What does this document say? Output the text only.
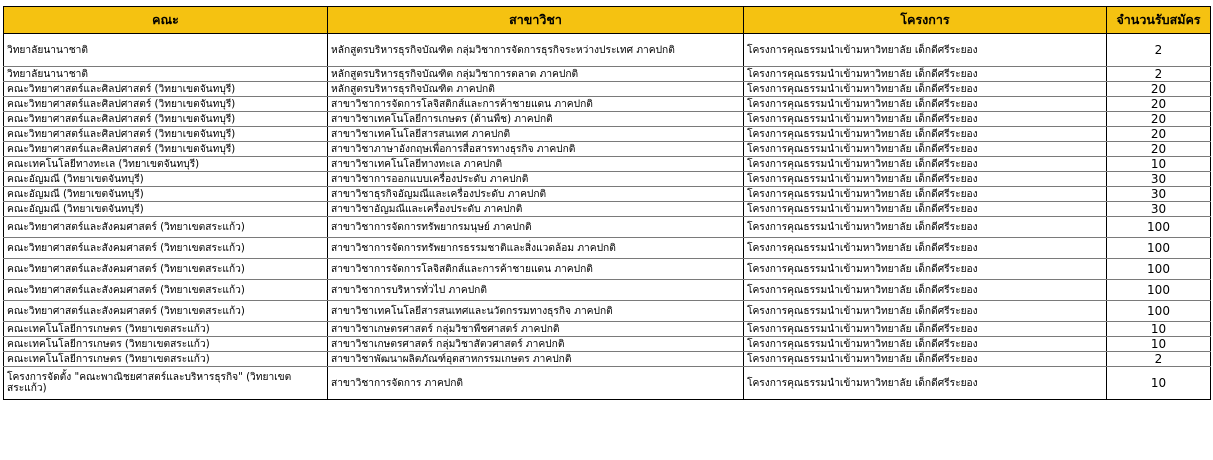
คณะ	สาขาวิชา	โครงการ	จำนวนรับสมัคร
วิทยาลัยนานาชาติ	หลักสูตรบริหารธุรกิจบัณฑิต กลุ่มวิชาการจัดการธุรกิจระหว่างประเทศ ภาคปกติ	โครงการคุณธรรมนำเข้ามหาวิทยาลัย เด็กดีศรีระยอง	2
วิทยาลัยนานาชาติ	หลักสูตรบริหารธุรกิจบัณฑิต กลุ่มวิชาการตลาด ภาคปกติ	โครงการคุณธรรมนำเข้ามหาวิทยาลัย เด็กดีศรีระยอง	2
คณะวิทยาศาสตร์และศิลปศาสตร์ (วิทยาเขตจันทบุรี)	หลักสูตรบริหารธุรกิจบัณฑิต ภาคปกติ	โครงการคุณธรรมนำเข้ามหาวิทยาลัย เด็กดีศรีระยอง	20
คณะวิทยาศาสตร์และศิลปศาสตร์ (วิทยาเขตจันทบุรี)	สาขาวิชาการจัดการโลจิสติกส์และการค้าชายแดน ภาคปกติ	โครงการคุณธรรมนำเข้ามหาวิทยาลัย เด็กดีศรีระยอง	20
คณะวิทยาศาสตร์และศิลปศาสตร์ (วิทยาเขตจันทบุรี)	สาขาวิชาเทคโนโลยีการเกษตร (ด้านพืช) ภาคปกติ	โครงการคุณธรรมนำเข้ามหาวิทยาลัย เด็กดีศรีระยอง	20
คณะวิทยาศาสตร์และศิลปศาสตร์ (วิทยาเขตจันทบุรี)	สาขาวิชาเทคโนโลยีสารสนเทศ ภาคปกติ	โครงการคุณธรรมนำเข้ามหาวิทยาลัย เด็กดีศรีระยอง	20
คณะวิทยาศาสตร์และศิลปศาสตร์ (วิทยาเขตจันทบุรี)	สาขาวิชาภาษาอังกฤษเพื่อการสื่อสารทางธุรกิจ ภาคปกติ	โครงการคุณธรรมนำเข้ามหาวิทยาลัย เด็กดีศรีระยอง	20
คณะเทคโนโลยีทางทะเล (วิทยาเขตจันทบุรี)	สาขาวิชาเทคโนโลยีทางทะเล ภาคปกติ	โครงการคุณธรรมนำเข้ามหาวิทยาลัย เด็กดีศรีระยอง	10
คณะอัญมณี (วิทยาเขตจันทบุรี)	สาขาวิชาการออกแบบเครื่องประดับ ภาคปกติ	โครงการคุณธรรมนำเข้ามหาวิทยาลัย เด็กดีศรีระยอง	30
คณะอัญมณี (วิทยาเขตจันทบุรี)	สาขาวิชาธุรกิจอัญมณีและเครื่องประดับ ภาคปกติ	โครงการคุณธรรมนำเข้ามหาวิทยาลัย เด็กดีศรีระยอง	30
คณะอัญมณี (วิทยาเขตจันทบุรี)	สาขาวิชาอัญมณีและเครื่องประดับ ภาคปกติ	โครงการคุณธรรมนำเข้ามหาวิทยาลัย เด็กดีศรีระยอง	30
คณะวิทยาศาสตร์และสังคมศาสตร์ (วิทยาเขตสระแก้ว)	สาขาวิชาการจัดการทรัพยากรมนุษย์ ภาคปกติ	โครงการคุณธรรมนำเข้ามหาวิทยาลัย เด็กดีศรีระยอง	100
คณะวิทยาศาสตร์และสังคมศาสตร์ (วิทยาเขตสระแก้ว)	สาขาวิชาการจัดการทรัพยากรธรรมชาติและสิ่งแวดล้อม ภาคปกติ	โครงการคุณธรรมนำเข้ามหาวิทยาลัย เด็กดีศรีระยอง	100
คณะวิทยาศาสตร์และสังคมศาสตร์ (วิทยาเขตสระแก้ว)	สาขาวิชาการจัดการโลจิสติกส์และการค้าชายแดน ภาคปกติ	โครงการคุณธรรมนำเข้ามหาวิทยาลัย เด็กดีศรีระยอง	100
คณะวิทยาศาสตร์และสังคมศาสตร์ (วิทยาเขตสระแก้ว)	สาขาวิชาการบริหารทั่วไป ภาคปกติ	โครงการคุณธรรมนำเข้ามหาวิทยาลัย เด็กดีศรีระยอง	100
คณะวิทยาศาสตร์และสังคมศาสตร์ (วิทยาเขตสระแก้ว)	สาขาวิชาเทคโนโลยีสารสนเทศและนวัตกรรมทางธุรกิจ ภาคปกติ	โครงการคุณธรรมนำเข้ามหาวิทยาลัย เด็กดีศรีระยอง	100
คณะเทคโนโลยีการเกษตร (วิทยาเขตสระแก้ว)	สาขาวิชาเกษตรศาสตร์ กลุ่มวิชาพืชศาสตร์ ภาคปกติ	โครงการคุณธรรมนำเข้ามหาวิทยาลัย เด็กดีศรีระยอง	10
คณะเทคโนโลยีการเกษตร (วิทยาเขตสระแก้ว)	สาขาวิชาเกษตรศาสตร์ กลุ่มวิชาสัตวศาสตร์ ภาคปกติ	โครงการคุณธรรมนำเข้ามหาวิทยาลัย เด็กดีศรีระยอง	10
คณะเทคโนโลยีการเกษตร (วิทยาเขตสระแก้ว)	สาขาวิชาพัฒนาผลิตภัณฑ์อุตสาหกรรมเกษตร ภาคปกติ	โครงการคุณธรรมนำเข้ามหาวิทยาลัย เด็กดีศรีระยอง	2
โครงการจัดตั้ง "คณะพาณิชยศาสตร์และบริหารธุรกิจ" (วิทยาเขตสระแก้ว)	สาขาวิชาการจัดการ ภาคปกติ	โครงการคุณธรรมนำเข้ามหาวิทยาลัย เด็กดีศรีระยอง	10
